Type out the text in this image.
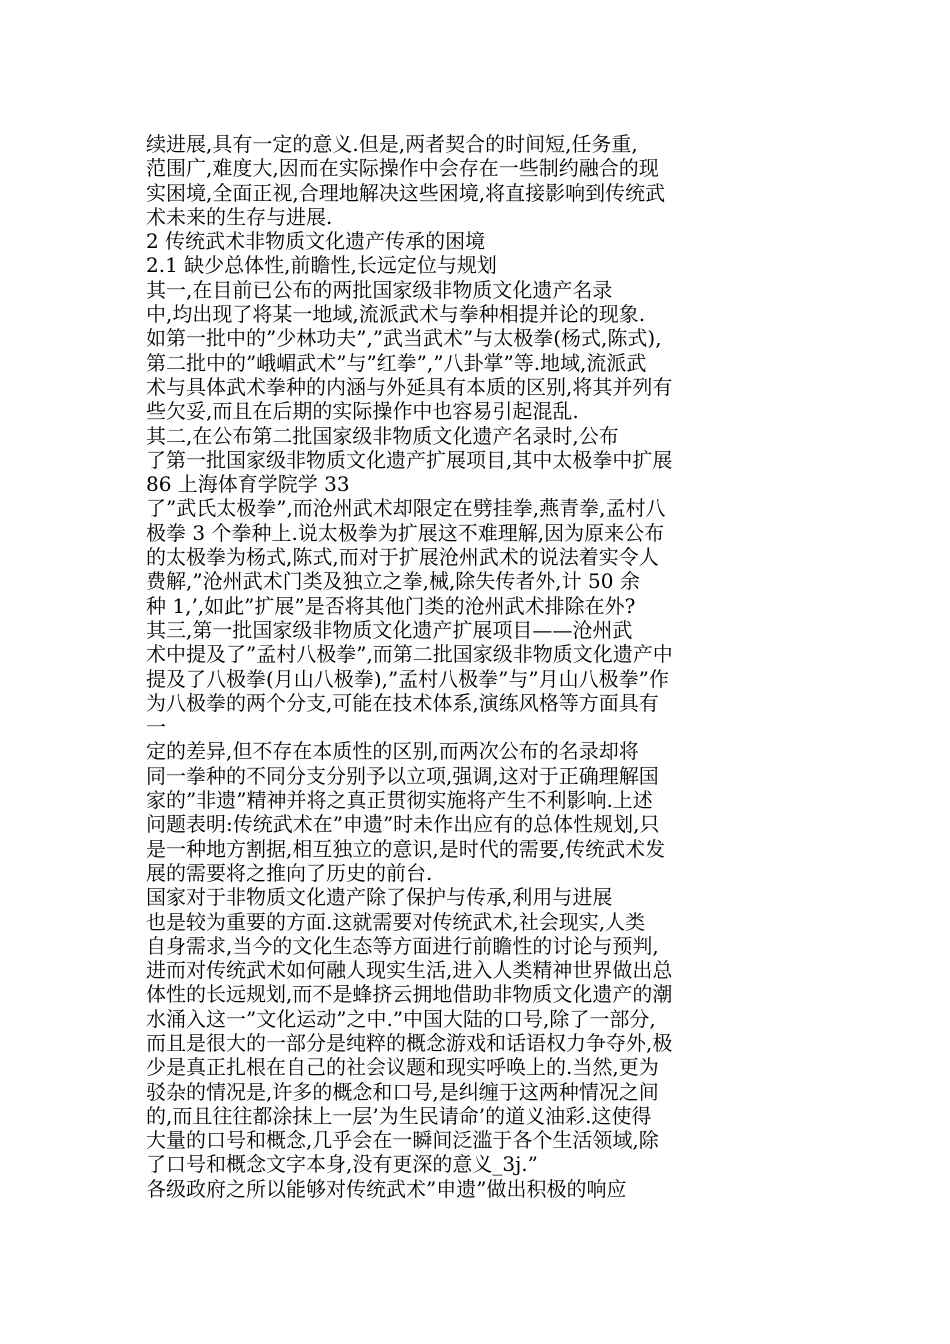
续进展,具有一定的意义.但是,两者契合的时间短,任务重,
范围广,难度大,因而在实际操作中会存在一些制约融合的现
实困境,全面正视,合理地解决这些困境,将直接影响到传统武
术未来的生存与进展.
2 传统武术非物质文化遗产传承的困境
2.1 缺少总体性,前瞻性,长远定位与规划
其一,在目前已公布的两批国家级非物质文化遗产名录
中,均出现了将某一地域,流派武术与拳种相提并论的现象.
如第一批中的”少林功夫”,”武当武术”与太极拳(杨式,陈式),
第二批中的”峨嵋武术”与”红拳”,”八卦掌”等.地域,流派武
术与具体武术拳种的内涵与外延具有本质的区别,将其并列有
些欠妥,而且在后期的实际操作中也容易引起混乱.
其二,在公布第二批国家级非物质文化遗产名录时,公布
了第一批国家级非物质文化遗产扩展项目,其中太极拳中扩展
86 上海体育学院学 33
了”武氏太极拳”,而沧州武术却限定在劈挂拳,燕青拳,孟村八
极拳 3 个拳种上.说太极拳为扩展这不难理解,因为原来公布
的太极拳为杨式,陈式,而对于扩展沧州武术的说法着实令人
费解,”沧州武术门类及独立之拳,械,除失传者外,计 50 余
种 1,’,如此”扩展”是否将其他门类的沧州武术排除在外?
其三,第一批国家级非物质文化遗产扩展项目——沧州武
术中提及了”孟村八极拳”,而第二批国家级非物质文化遗产中
提及了八极拳(月山八极拳),”孟村八极拳”与”月山八极拳”作
为八极拳的两个分支,可能在技术体系,演练风格等方面具有
一
定的差异,但不存在本质性的区别,而两次公布的名录却将
同一拳种的不同分支分别予以立项,强调,这对于正确理解国
家的”非遗”精神并将之真正贯彻实施将产生不利影响.上述
问题表明:传统武术在”申遗”时未作出应有的总体性规划,只
是一种地方割据,相互独立的意识,是时代的需要,传统武术发
展的需要将之推向了历史的前台.
国家对于非物质文化遗产除了保护与传承,利用与进展
也是较为重要的方面.这就需要对传统武术,社会现实,人类
自身需求,当今的文化生态等方面进行前瞻性的讨论与预判,
进而对传统武术如何融人现实生活,进入人类精神世界做出总
体性的长远规划,而不是蜂挤云拥地借助非物质文化遗产的潮
水涌入这一”文化运动”之中.”中国大陆的口号,除了一部分,
而且是很大的一部分是纯粹的概念游戏和话语权力争夺外,极
少是真正扎根在自己的社会议题和现实呼唤上的.当然,更为
驳杂的情况是,许多的概念和口号,是纠缠于这两种情况之间
的,而且往往都涂抹上一层’为生民请命’的道义油彩.这使得
大量的口号和概念,几乎会在一瞬间泛滥于各个生活领域,除
了口号和概念文字本身,没有更深的意义_3j.”
各级政府之所以能够对传统武术”申遗”做出积极的响应
